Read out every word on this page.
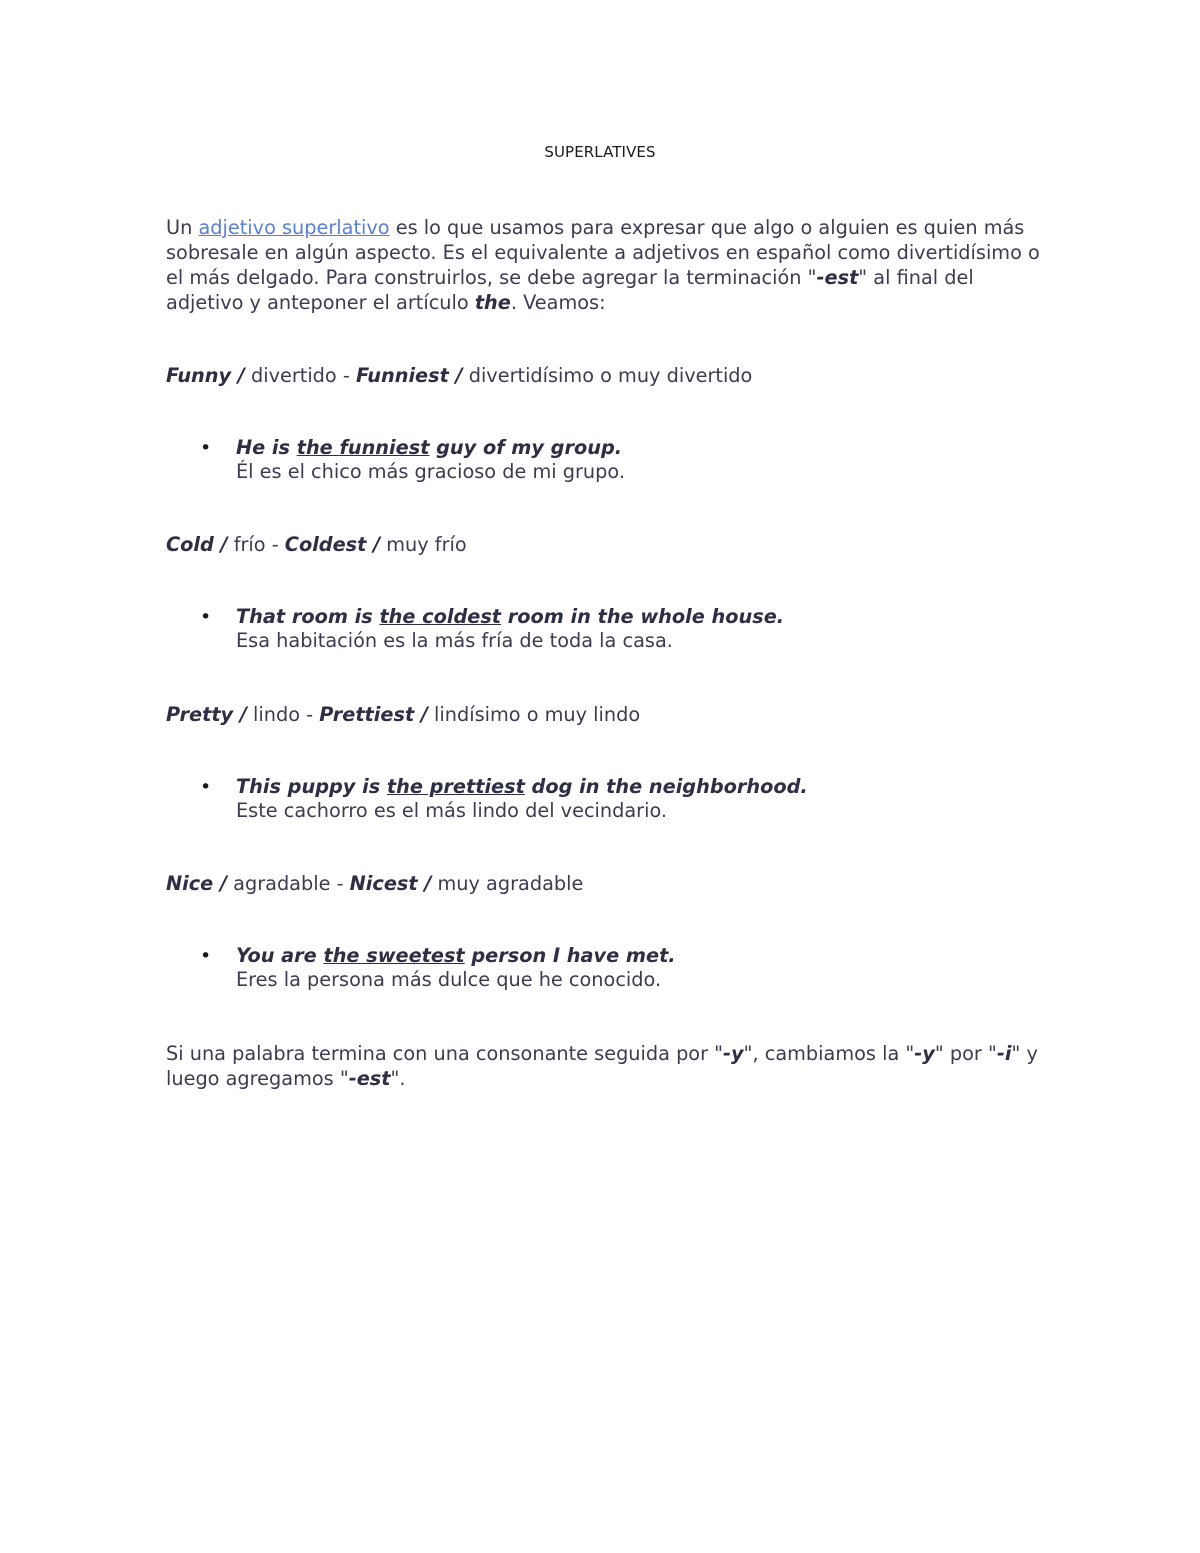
SUPERLATIVES

Un adjetivo superlativo es lo que usamos para expresar que algo o alguien es quien más sobresale en algún aspecto. Es el equivalente a adjetivos en español como divertidísimo o el más delgado. Para construirlos, se debe agregar la terminación "-est" al final del adjetivo y anteponer el artículo the. Veamos:

Funny / divertido - Funniest / divertidísimo o muy divertido
• He is the funniest guy of my group.
Él es el chico más gracioso de mi grupo.
Cold / frío - Coldest / muy frío
• That room is the coldest room in the whole house.
Esa habitación es la más fría de toda la casa.
Pretty / lindo - Prettiest / lindísimo o muy lindo
• This puppy is the prettiest dog in the neighborhood.
Este cachorro es el más lindo del vecindario.
Nice / agradable - Nicest / muy agradable
• You are the sweetest person I have met.
Eres la persona más dulce que he conocido.

Si una palabra termina con una consonante seguida por "-y", cambiamos la "-y" por "-i" y luego agregamos "-est".
